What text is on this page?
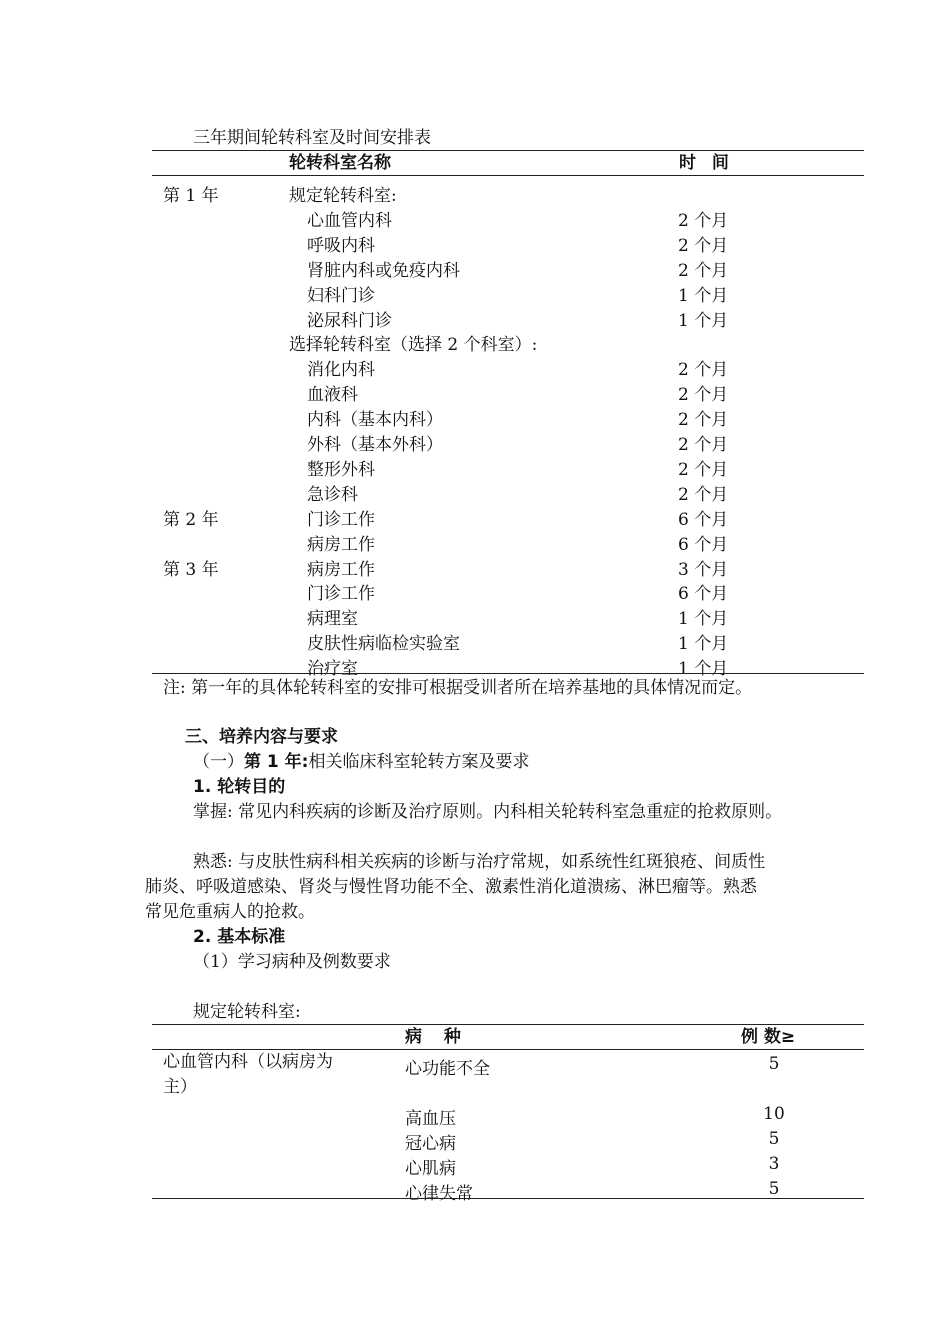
三年期间轮转科室及时间安排表
轮转科室名称	时 间
第 1 年	规定轮转科室:
心血管内科	2 个月
呼吸内科	2 个月
肾脏内科或免疫内科	2 个月
妇科门诊	1 个月
泌尿科门诊	1 个月
选择轮转科室（选择 2 个科室）:
消化内科	2 个月
血液科	2 个月
内科（基本内科）	2 个月
外科（基本外科）	2 个月
整形外科	2 个月
急诊科	2 个月
第 2 年	门诊工作	6 个月
病房工作	6 个月
第 3 年	病房工作	3 个月
门诊工作	6 个月
病理室	1 个月
皮肤性病临检实验室	1 个月
治疗室	1 个月
注: 第一年的具体轮转科室的安排可根据受训者所在培养基地的具体情况而定。
三、培养内容与要求
（一）第 1 年:相关临床科室轮转方案及要求
1. 轮转目的
掌握: 常见内科疾病的诊断及治疗原则。内科相关轮转科室急重症的抢救原则。
熟悉: 与皮肤性病科相关疾病的诊断与治疗常规，如系统性红斑狼疮、间质性
肺炎、呼吸道感染、肾炎与慢性肾功能不全、激素性消化道溃疡、淋巴瘤等。熟悉
常见危重病人的抢救。
2. 基本标准
（1）学习病种及例数要求
规定轮转科室:
病 种	例 数≥
心血管内科（以病房为
主）
心功能不全	5
高血压	10
冠心病	5
心肌病	3
心律失常	5
